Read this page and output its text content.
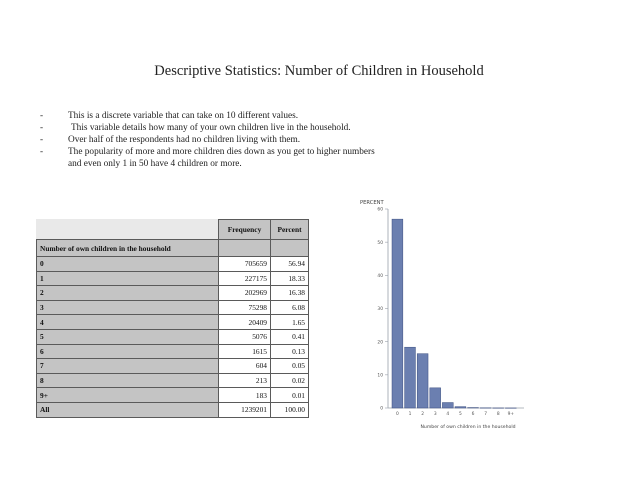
Descriptive Statistics: Number of Children in Household
-	This is a discrete variable that can take on 10 different values.
-	This variable details how many of your own children live in the household.
-	Over half of the respondents had no children living with them.
-	The popularity of more and more children dies down as you get to higher numbers
and even only 1 in 50 have 4 children or more.
	Frequency	Percent
Number of own children in the household		
0	705659	56.94
1	227175	18.33
2	202969	16.38
3	75298	6.08
4	20409	1.65
5	5076	0.41
6	1615	0.13
7	604	0.05
8	213	0.02
9+	183	0.01
All	1239201	100.00
PERCENT
0
10
20
30
40
50
60
0 1 2 3 4 5 6 7 8 9+
Number of own children in the household
